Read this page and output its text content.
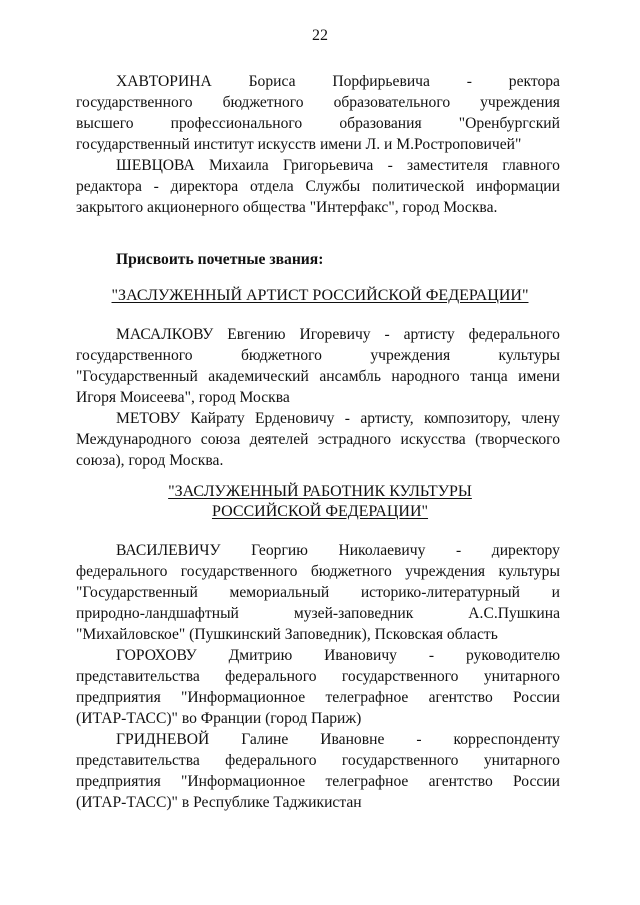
22
ХАВТОРИНА Бориса Порфирьевича - ректора
государственного бюджетного образовательного учреждения
высшего профессионального образования "Оренбургский
государственный институт искусств имени Л. и М.Ростроповичей"
ШЕВЦОВА Михаила Григорьевича - заместителя главного
редактора - директора отдела Службы политической информации
закрытого акционерного общества "Интерфакс", город Москва.
Присвоить почетные звания:
"ЗАСЛУЖЕННЫЙ АРТИСТ РОССИЙСКОЙ ФЕДЕРАЦИИ"
МАСАЛКОВУ Евгению Игоревичу - артисту федерального
государственного	бюджетного	учреждения	культуры
"Государственный академический ансамбль народного танца имени
Игоря Моисеева", город Москва
МЕТОВУ Кайрату Ерденовичу - артисту, композитору, члену
Международного союза деятелей эстрадного искусства (творческого
союза), город Москва.
"ЗАСЛУЖЕННЫЙ РАБОТНИК КУЛЬТУРЫ
РОССИЙСКОЙ ФЕДЕРАЦИИ"
ВАСИЛЕВИЧУ Георгию Николаевичу - директору
федерального государственного бюджетного учреждения культуры
"Государственный мемориальный историко-литературный и
природно-ландшафтный	музей-заповедник	А.С.Пушкина
"Михайловское" (Пушкинский Заповедник), Псковская область
ГОРОХОВУ Дмитрию Ивановичу - руководителю
представительства федерального государственного унитарного
предприятия "Информационное телеграфное агентство России
(ИТАР-ТАСС)" во Франции (город Париж)
ГРИДНЕВОЙ Галине Ивановне - корреспонденту
представительства федерального государственного унитарного
предприятия "Информационное телеграфное агентство России
(ИТАР-ТАСС)" в Республике Таджикистан
